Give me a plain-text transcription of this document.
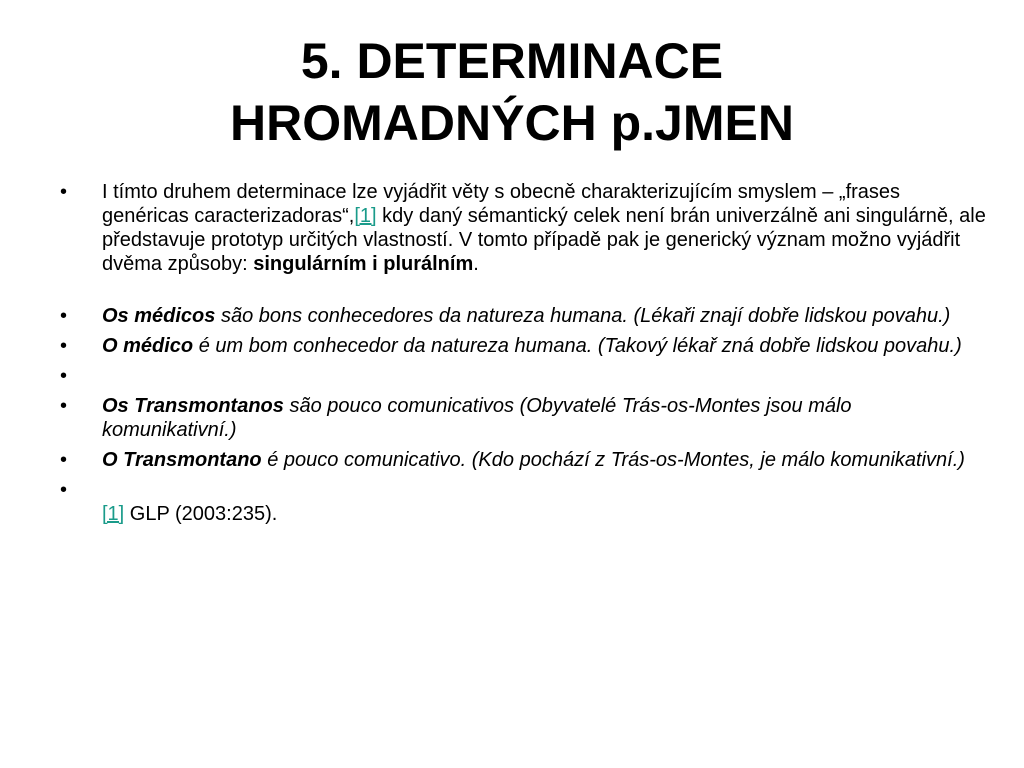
5. DETERMINACE
HROMADNÝCH p.JMEN
• I tímto druhem determinace lze vyjádřit věty s obecně charakterizujícím smyslem – „frases genéricas caracterizadoras“,[1] kdy daný sémantický celek není brán univerzálně ani singulárně, ale představuje prototyp určitých vlastností. V tomto případě pak je generický význam možno vyjádřit dvěma způsoby: singulárním i plurálním.
• Os médicos são bons conhecedores da natureza humana. (Lékaři znají dobře lidskou povahu.)
• O médico é um bom conhecedor da natureza humana. (Takový lékař zná dobře lidskou povahu.)
•
• Os Transmontanos são pouco comunicativos (Obyvatelé Trás-os-Montes jsou málo komunikativní.)
• O Transmontano é pouco comunicativo. (Kdo pochází z Trás-os-Montes, je málo komunikativní.)
•
[1] GLP (2003:235).
